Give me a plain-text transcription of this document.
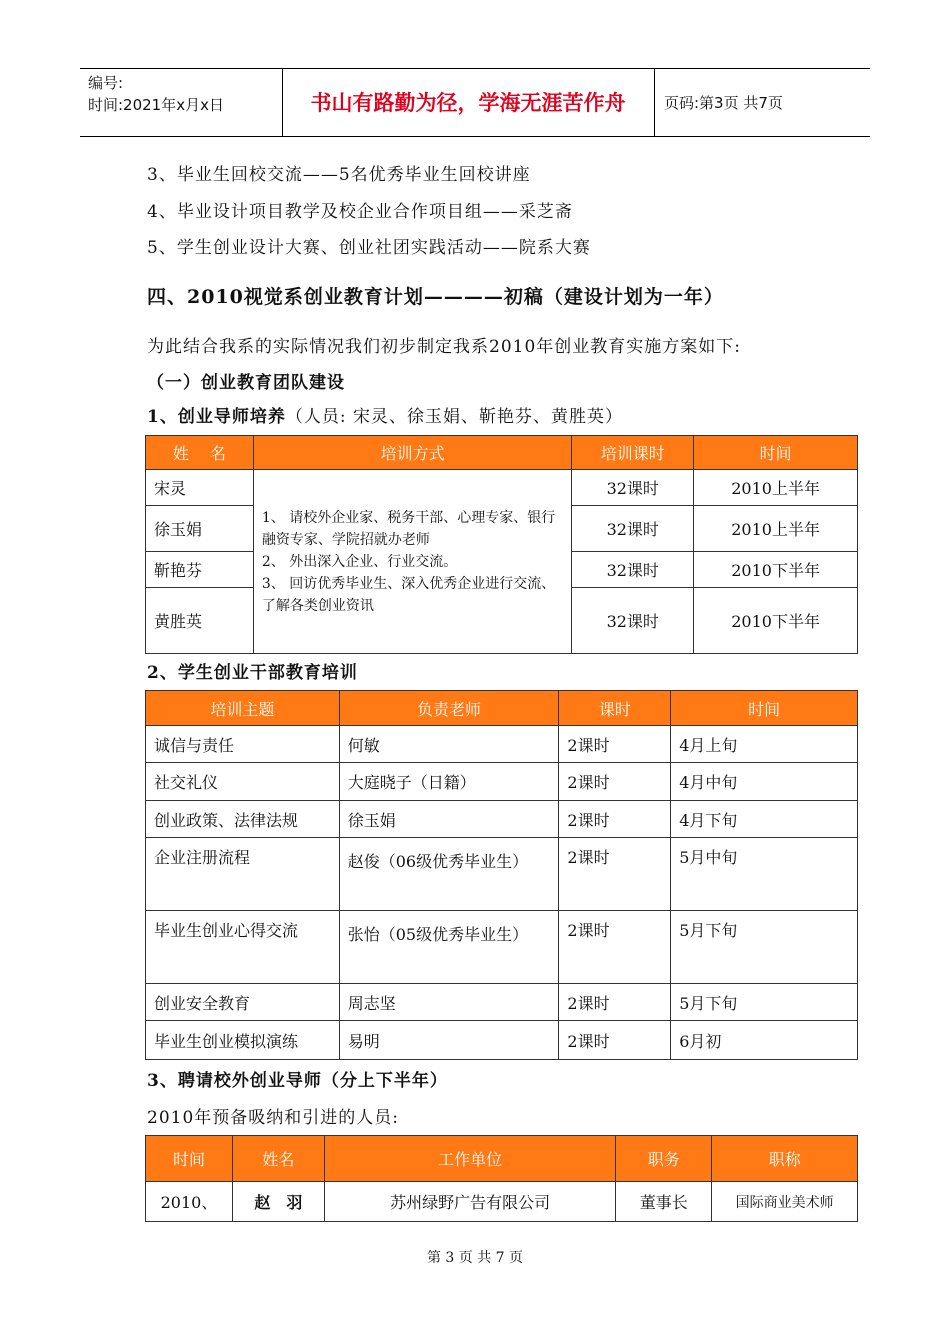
编号:
时间:2021年x月x日	书山有路勤为径，学海无涯苦作舟	页码:第3页 共7页
3、毕业生回校交流——5名优秀毕业生回校讲座
4、毕业设计项目教学及校企业合作项目组——采芝斋
5、学生创业设计大赛、创业社团实践活动——院系大赛
四、2010视觉系创业教育计划————初稿（建设计划为一年）
为此结合我系的实际情况我们初步制定我系2010年创业教育实施方案如下:
（一）创业教育团队建设
1、创业导师培养（人员: 宋灵、徐玉娟、靳艳芬、黄胜英）
姓　 名	培训方式	培训课时	时间
宋灵	1、 请校外企业家、税务干部、心理专家、银行融资专家、学院招就办老师
2、 外出深入企业、行业交流。
3、 回访优秀毕业生、深入优秀企业进行交流、了解各类创业资讯	32课时	2010上半年
徐玉娟		32课时	2010上半年
靳艳芬		32课时	2010下半年
黄胜英		32课时	2010下半年
2、学生创业干部教育培训
培训主题	负责老师	课时	时间
诚信与责任	何敏	2课时	4月上旬
社交礼仪	大庭晓子（日籍）	2课时	4月中旬
创业政策、法律法规	徐玉娟	2课时	4月下旬
企业注册流程	赵俊（06级优秀毕业生）	2课时	5月中旬
毕业生创业心得交流	张怡（05级优秀毕业生）	2课时	5月下旬
创业安全教育	周志坚	2课时	5月下旬
毕业生创业模拟演练	易明	2课时	6月初
3、聘请校外创业导师（分上下半年）
2010年预备吸纳和引进的人员:
时间	姓名	工作单位	职务	职称
2010、	赵　羽	苏州绿野广告有限公司	董事长	国际商业美术师
第 3 页 共 7 页
